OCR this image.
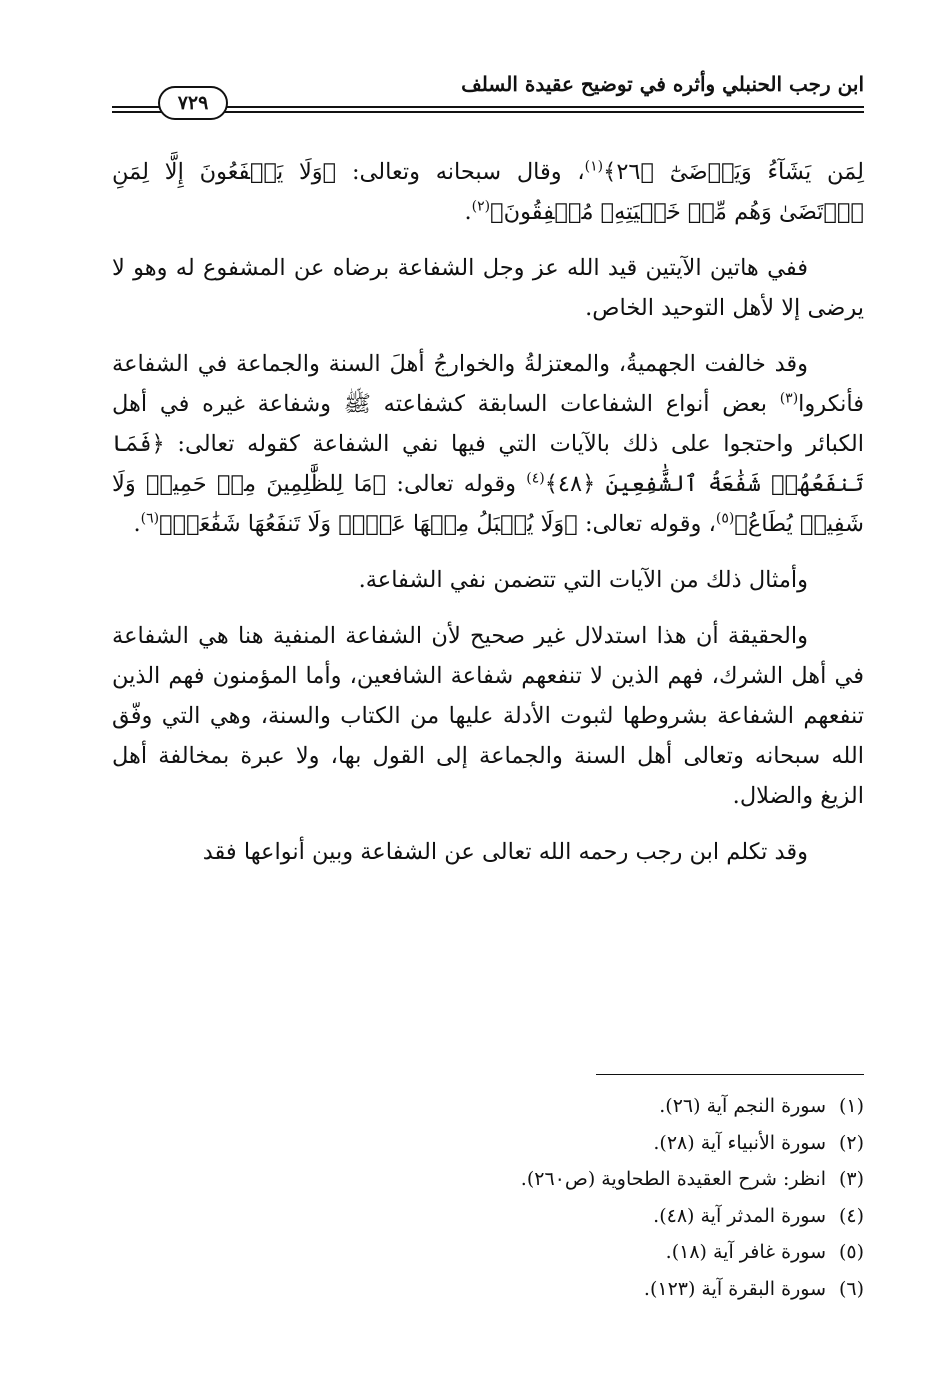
٧٢٩
ابن رجب الحنبلي وأثره في توضيح عقيدة السلف

لِمَن يَشَآءُ وَيَرۡضَىٰٓ ﴿٢٦﴾$^{(١)}$، وقال سبحانه وتعالى: ﴿وَلَا يَشۡفَعُونَ إِلَّا لِمَنِ ٱرۡتَضَىٰ وَهُم مِّنۡ خَشۡيَتِهِۦ مُشۡفِقُونَ﴾$^{(٢)}$.

ففي هاتين الآيتين قيد الله عز وجل الشفاعة برضاه عن المشفوع له وهو لا يرضى إلا لأهل التوحيد الخاص.

وقد خالفت الجهميةُ، والمعتزلةُ والخوارجُ أهلَ السنة والجماعة في الشفاعة فأنكروا$^{(٣)}$ بعض أنواع الشفاعات السابقة كشفاعته ﷺ وشفاعة غيره في أهل الكبائر واحتجوا على ذلك بالآيات التي فيها نفي الشفاعة كقوله تعالى: ﴿فَمَا تَنفَعُهُمۡ شَفَٰعَةُ ٱلشَّٰفِعِينَ ﴿٤٨﴾$^{(٤)}$ وقوله تعالى: ﴿مَا لِلظَّٰلِمِينَ مِنۡ حَمِيمٖ وَلَا شَفِيعٖ يُطَاعُ﴾$^{(٥)}$، وقوله تعالى: ﴿وَلَا يُقۡبَلُ مِنۡهَا عَدۡلٞ وَلَا تَنفَعُهَا شَفَٰعَةٞ﴾$^{(٦)}$.

وأمثال ذلك من الآيات التي تتضمن نفي الشفاعة.

والحقيقة أن هذا استدلال غير صحيح لأن الشفاعة المنفية هنا هي الشفاعة في أهل الشرك، فهم الذين لا تنفعهم شفاعة الشافعين، وأما المؤمنون فهم الذين تنفعهم الشفاعة بشروطها لثبوت الأدلة عليها من الكتاب والسنة، وهي التي وفّق الله سبحانه وتعالى أهل السنة والجماعة إلى القول بها، ولا عبرة بمخالفة أهل الزيغ والضلال.

وقد تكلم ابن رجب رحمه الله تعالى عن الشفاعة وبين أنواعها فقد

(١)سورة النجم آية (٢٦).
(٢)سورة الأنبياء آية (٢٨).
(٣)انظر: شرح العقيدة الطحاوية (ص٢٦٠).
(٤)سورة المدثر آية (٤٨).
(٥)سورة غافر آية (١٨).
(٦)سورة البقرة آية (١٢٣).
